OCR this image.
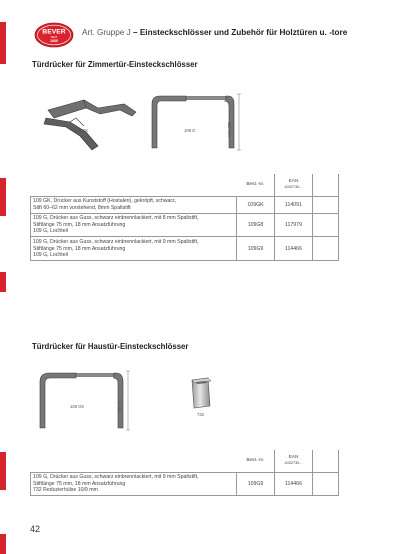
BEVER
SEIT
1830
Art. Gruppe J – Einsteckschlösser und Zubehör für Holztüren u. -tore
Türdrücker für Zimmertür-Einsteckschlösser
109 GK	109 G	110 mm
	Best.-nr.	EAN
4002730...	

109 GK, Drücker aus Kunststoff (Hostalen), gekröpft, schwarz,
Stift 60–62 mm vorstehend, 8mm Spaltstift	109GK	114091	

109 G, Drücker aus Guss, schwarz einbrennlackiert, mit 8 mm Spaltstift,
Stiftlänge 75 mm, 18 mm Ansatzführung
109 G, Lochteil	109G8	117979	

109 G, Drücker aus Guss, schwarz einbrennlackiert, mit 9 mm Spaltstift,
Stiftlänge 75 mm, 18 mm Ansatzführung
109 G, Lochteil	109G9	114466	
Türdrücker für Haustür-Einsteckschlösser
109 G9	110 mm
732
	Best.-nr.	EAN
4002730...	

109 G, Drücker aus Guss, schwarz einbrennlackiert, mit 9 mm Spaltstift,
Stiftlänge 75 mm, 18 mm Ansatzführung
732 Reduzierhülse 10/9 mm	109G9	114466	
42
